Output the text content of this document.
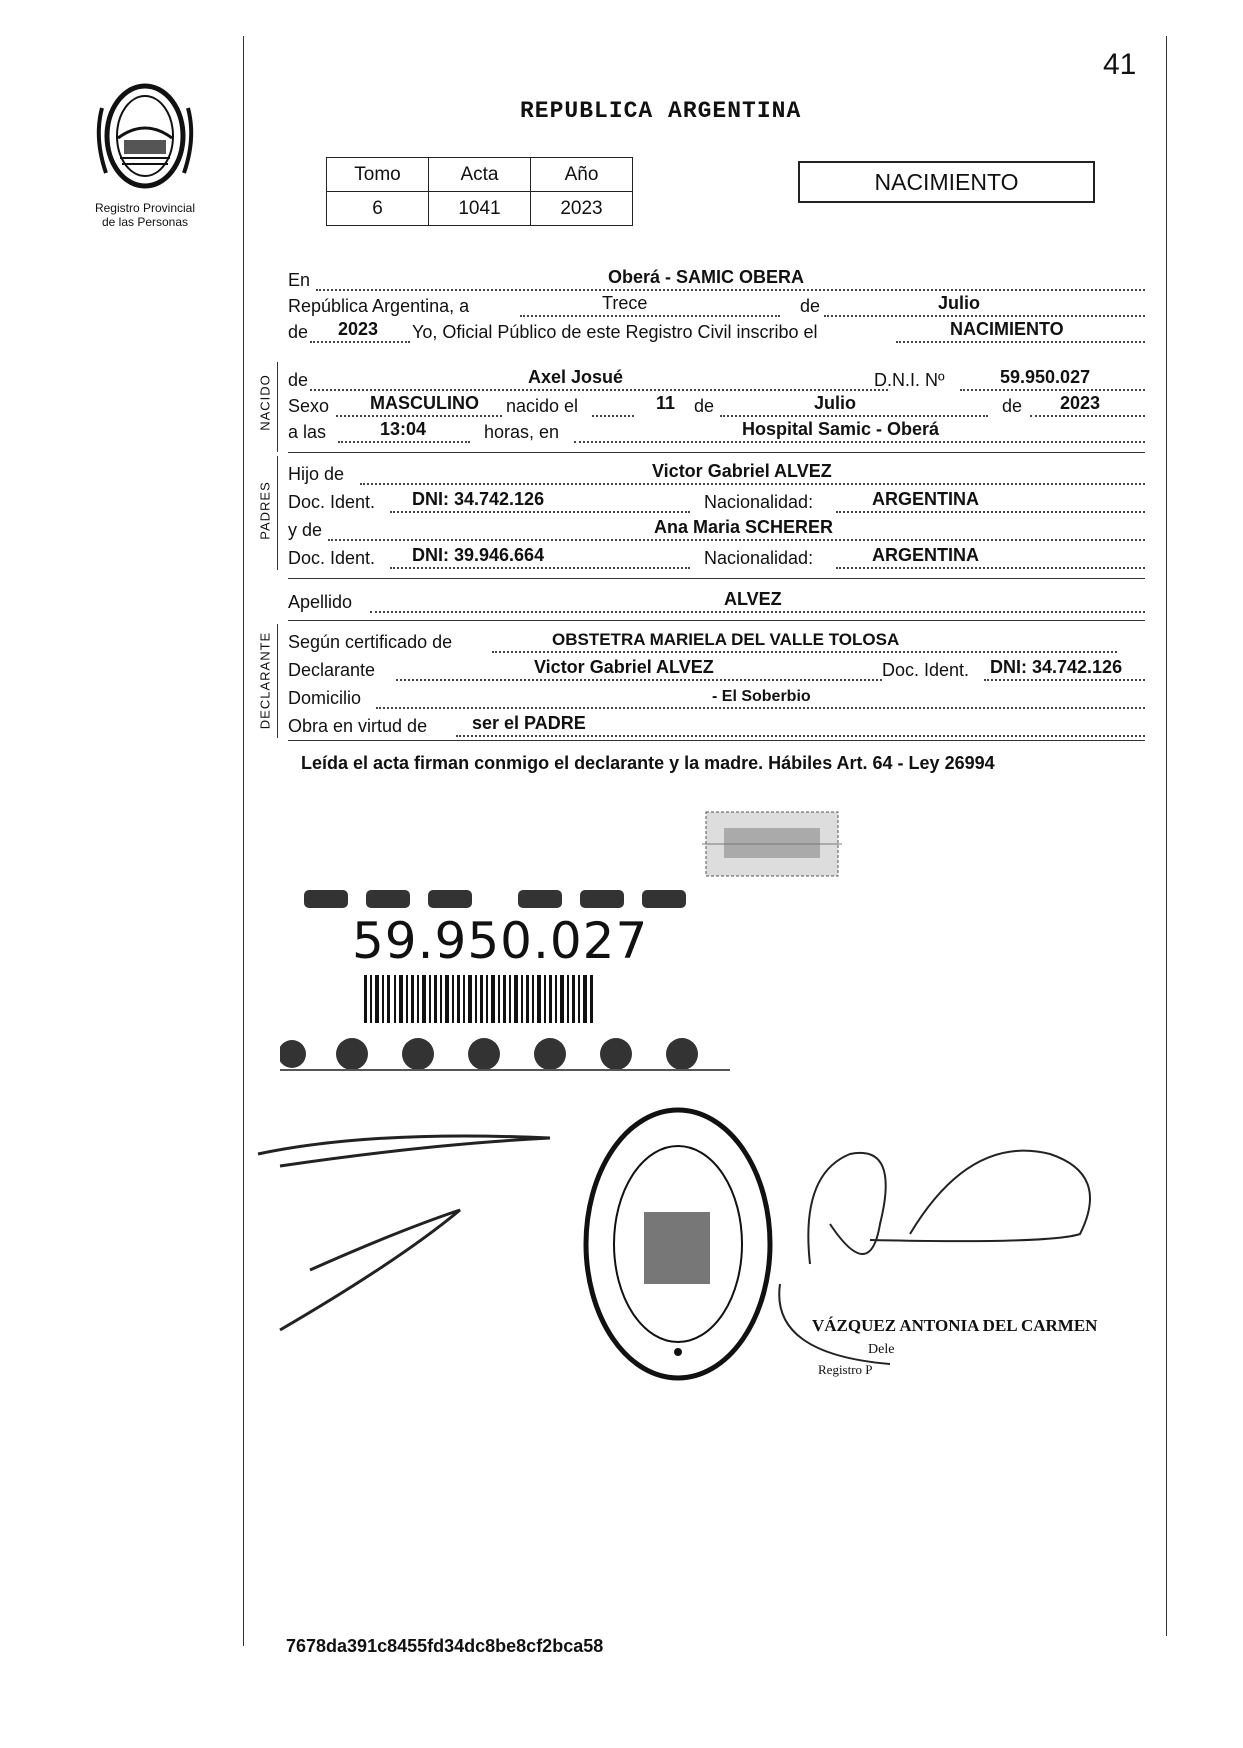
41
Registro Provincial
de las Personas
REPUBLICA ARGENTINA
Tomo	Acta	Año
6	1041	2023
NACIMIENTO
En	Oberá - SAMIC OBERA
República Argentina, a	Trece	de	Julio
de 2023 Yo, Oficial Público de este Registro Civil inscribo el	NACIMIENTO
NACIDO de	Axel Josué	D.N.I. Nº	59.950.027
Sexo MASCULINO nacido el	11 de	Julio	de 2023
a las	13:04	horas, en	Hospital Samic - Oberá
PADRES
Hijo de	Victor Gabriel ALVEZ
Doc. Ident. DNI: 34.742.126	Nacionalidad:	ARGENTINA
y de	Ana Maria SCHERER
Doc. Ident. DNI: 39.946.664	Nacionalidad:	ARGENTINA
Apellido	ALVEZ
DECLARANTE Según certificado de	OBSTETRA MARIELA DEL VALLE TOLOSA
Declarante	Victor Gabriel ALVEZ	Doc. Ident. DNI: 34.742.126
Domicilio	- El Soberbio
Obra en virtud de ser el PADRE
Leída el acta firman conmigo el declarante y la madre. Hábiles Art. 64 - Ley 26994
59.950.027
VÁZQUEZ ANTONIA DEL CARMEN
Dele
Registro P
7678da391c8455fd34dc8be8cf2bca58
